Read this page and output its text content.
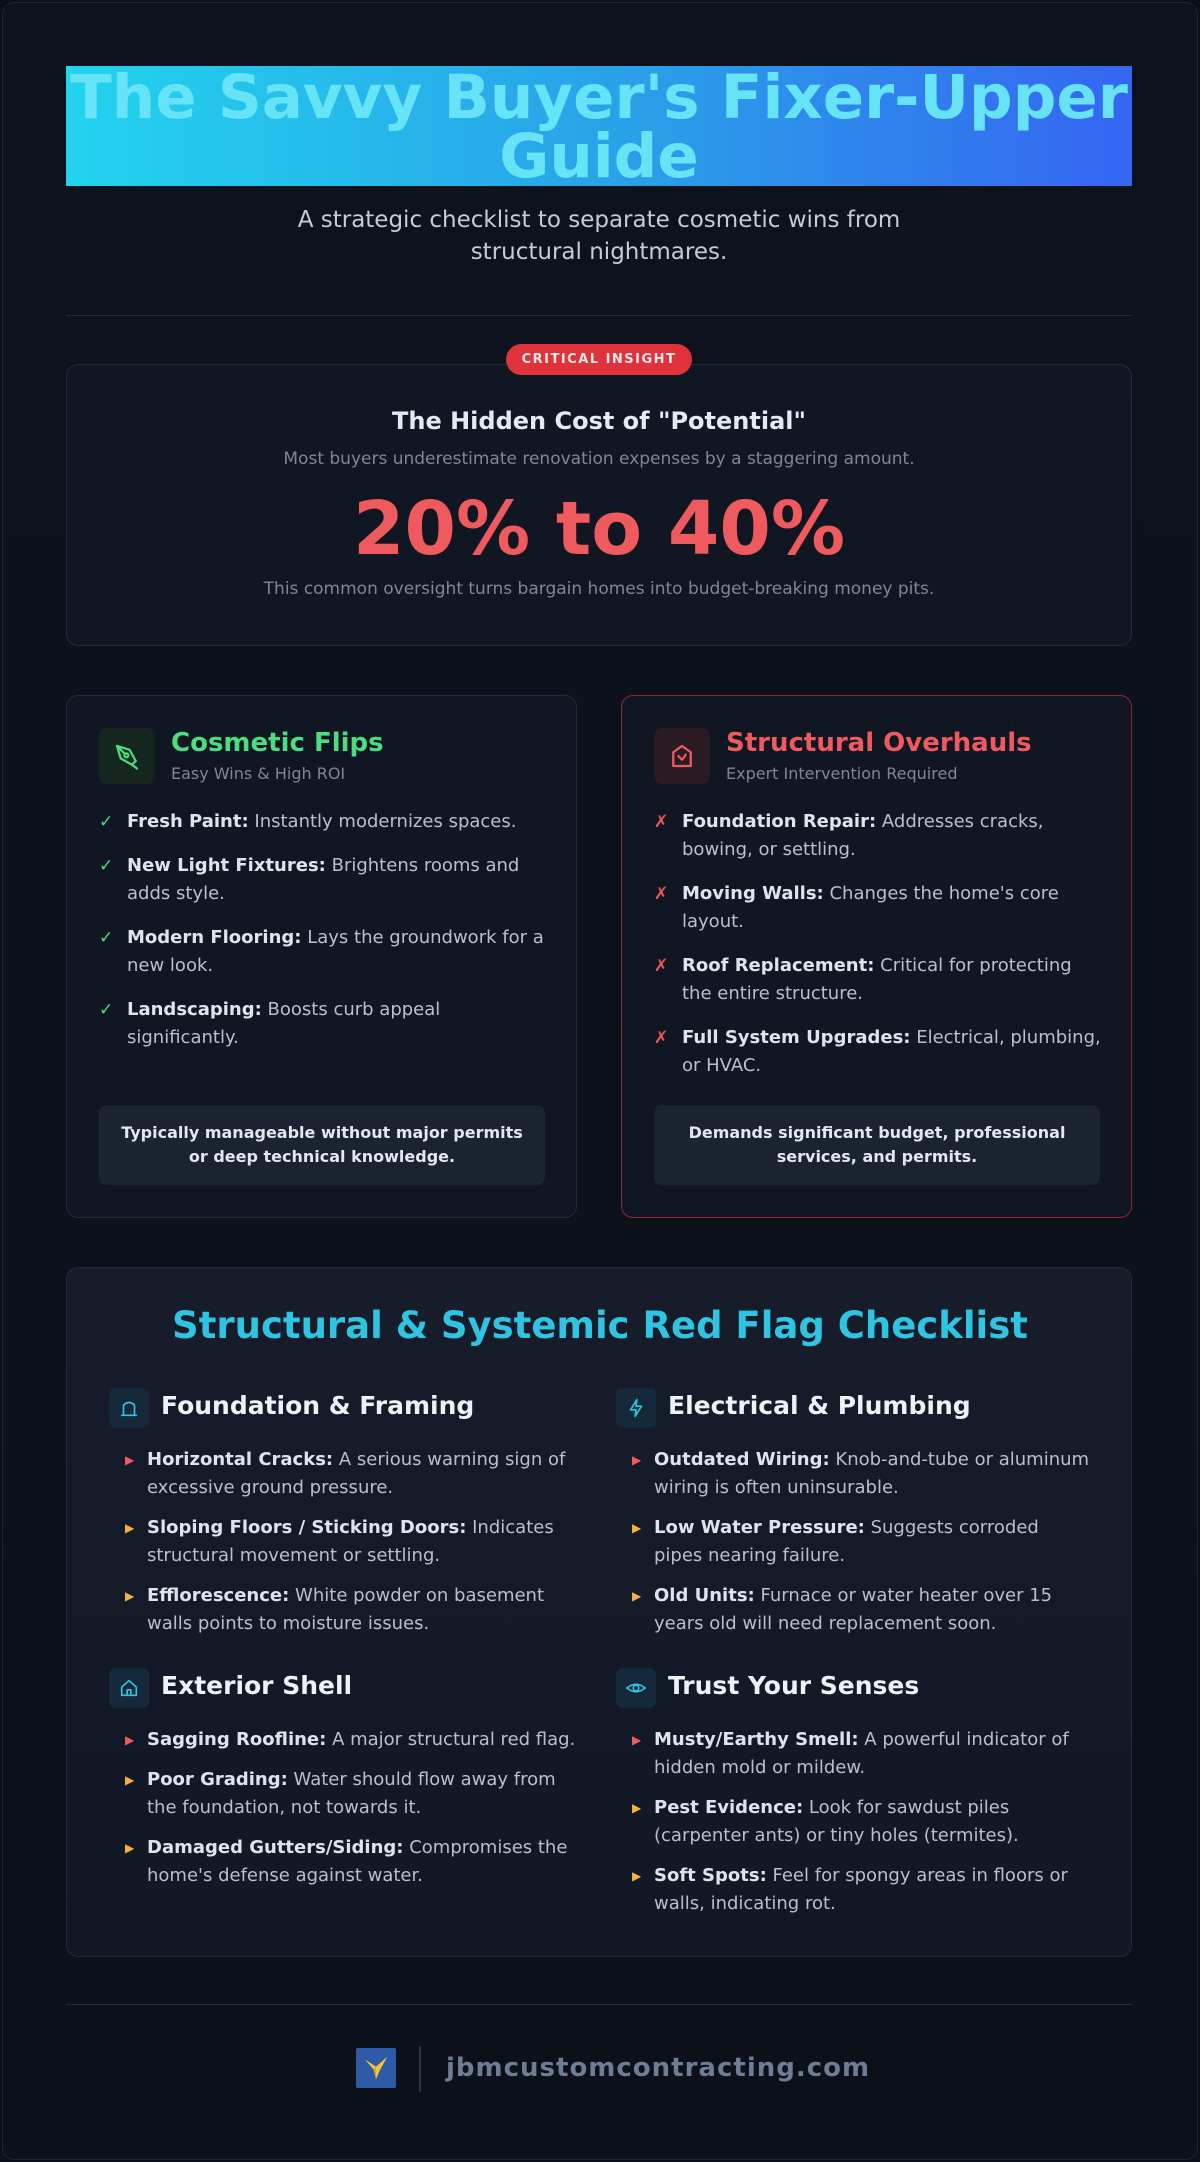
The Savvy Buyer's Fixer-Upper Guide
A strategic checklist to separate cosmetic wins from structural nightmares.
The Hidden Cost of "Potential"
Most buyers underestimate renovation expenses by a staggering amount.
20% to 40%
This common oversight turns bargain homes into budget-breaking money pits.
CRITICAL INSIGHT
Cosmetic Flips
Easy Wins & High ROI
✓ Fresh Paint: Instantly modernizes spaces.
✓ New Light Fixtures: Brightens rooms and adds style.
✓ Modern Flooring: Lays the groundwork for a new look.
✓ Landscaping: Boosts curb appeal significantly.
Typically manageable without major permits or deep technical knowledge.
Structural Overhauls
Expert Intervention Required
✗ Foundation Repair: Addresses cracks, bowing, or settling.
✗ Moving Walls: Changes the home's core layout.
✗ Roof Replacement: Critical for protecting the entire structure.
✗ Full System Upgrades: Electrical, plumbing, or HVAC.
Demands significant budget, professional services, and permits.
Structural & Systemic Red Flag Checklist
Foundation & Framing
▶ Horizontal Cracks: A serious warning sign of excessive ground pressure.
▶ Sloping Floors / Sticking Doors: Indicates structural movement or settling.
▶ Efflorescence: White powder on basement walls points to moisture issues.
Electrical & Plumbing
▶ Outdated Wiring: Knob-and-tube or aluminum wiring is often uninsurable.
▶ Low Water Pressure: Suggests corroded pipes nearing failure.
▶ Old Units: Furnace or water heater over 15 years old will need replacement soon.
Exterior Shell
▶ Sagging Roofline: A major structural red flag.
▶ Poor Grading: Water should flow away from the foundation, not towards it.
▶ Damaged Gutters/Siding: Compromises the home's defense against water.
Trust Your Senses
▶ Musty/Earthy Smell: A powerful indicator of hidden mold or mildew.
▶ Pest Evidence: Look for sawdust piles (carpenter ants) or tiny holes (termites).
▶ Soft Spots: Feel for spongy areas in floors or walls, indicating rot.
jbmcustomcontracting.com
